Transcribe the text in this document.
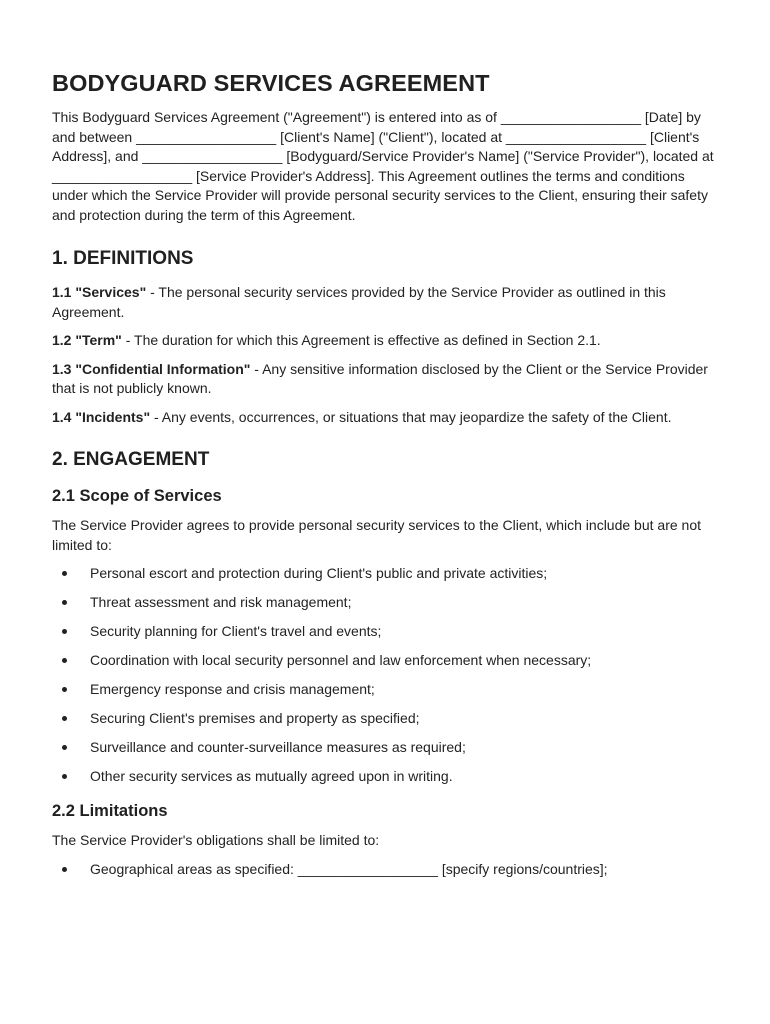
BODYGUARD SERVICES AGREEMENT

This Bodyguard Services Agreement ("Agreement") is entered into as of __________________ [Date] by and between __________________ [Client's Name] ("Client"), located at __________________ [Client's Address], and __________________ [Bodyguard/Service Provider's Name] ("Service Provider"), located at __________________ [Service Provider's Address]. This Agreement outlines the terms and conditions under which the Service Provider will provide personal security services to the Client, ensuring their safety and protection during the term of this Agreement.

1. DEFINITIONS

1.1 "Services" - The personal security services provided by the Service Provider as outlined in this Agreement.

1.2 "Term" - The duration for which this Agreement is effective as defined in Section 2.1.

1.3 "Confidential Information" - Any sensitive information disclosed by the Client or the Service Provider that is not publicly known.

1.4 "Incidents" - Any events, occurrences, or situations that may jeopardize the safety of the Client.

2. ENGAGEMENT
2.1 Scope of Services

The Service Provider agrees to provide personal security services to the Client, which include but are not limited to:

Personal escort and protection during Client's public and private activities;
Threat assessment and risk management;
Security planning for Client's travel and events;
Coordination with local security personnel and law enforcement when necessary;
Emergency response and crisis management;
Securing Client's premises and property as specified;
Surveillance and counter-surveillance measures as required;
Other security services as mutually agreed upon in writing.
2.2 Limitations

The Service Provider's obligations shall be limited to:

Geographical areas as specified: __________________ [specify regions/countries];
